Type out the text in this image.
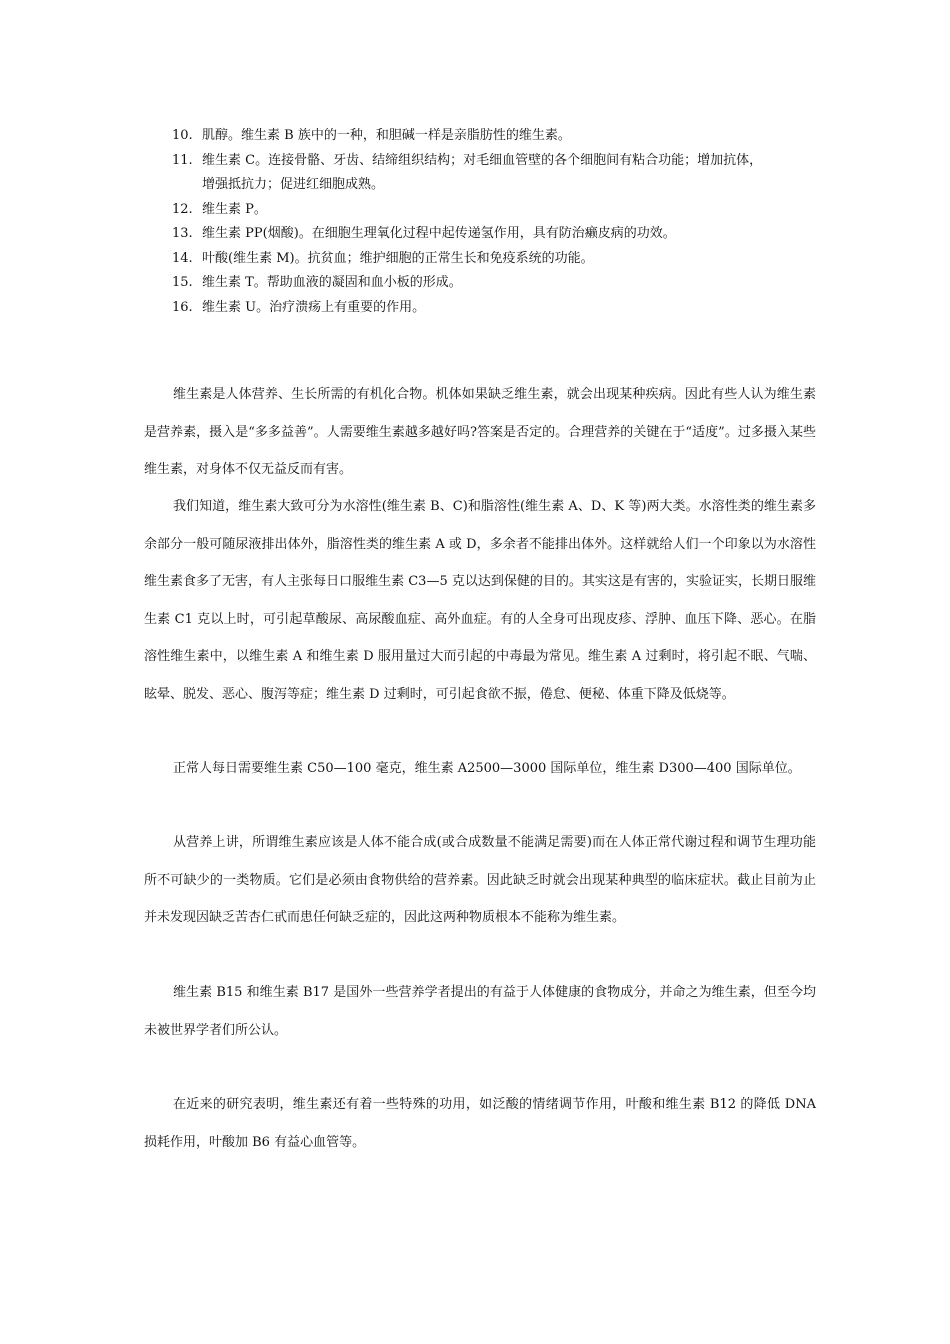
10. 肌醇。维生素 B 族中的一种，和胆碱一样是亲脂肪性的维生素。
11. 维生素 C。连接骨骼、牙齿、结缔组织结构；对毛细血管壁的各个细胞间有粘合功能；增加抗体，
增强抵抗力；促进红细胞成熟。
12. 维生素 P。
13. 维生素 PP(烟酸)。在细胞生理氧化过程中起传递氢作用，具有防治癞皮病的功效。
14. 叶酸(维生素 M)。抗贫血；维护细胞的正常生长和免疫系统的功能。
15. 维生素 T。帮助血液的凝固和血小板的形成。
16. 维生素 U。治疗溃疡上有重要的作用。

维生素是人体营养、生长所需的有机化合物。机体如果缺乏维生素，就会出现某种疾病。因此有些人认为维生素是营养素，摄入是“多多益善”。人需要维生素越多越好吗?答案是否定的。合理营养的关键在于“适度”。过多摄入某些维生素，对身体不仅无益反而有害。

我们知道，维生素大致可分为水溶性(维生素 B、C)和脂溶性(维生素 A、D、K 等)两大类。水溶性类的维生素多余部分一般可随尿液排出体外，脂溶性类的维生素 A 或 D，多余者不能排出体外。这样就给人们一个印象以为水溶性维生素食多了无害，有人主张每日口服维生素 C3—5 克以达到保健的目的。其实这是有害的，实验证实，长期日服维生素 C1 克以上时，可引起草酸尿、高尿酸血症、高外血症。有的人全身可出现皮疹、浮肿、血压下降、恶心。在脂溶性维生素中，以维生素 A 和维生素 D 服用量过大而引起的中毒最为常见。维生素 A 过剩时，将引起不眠、气喘、眩晕、脱发、恶心、腹泻等症；维生素 D 过剩时，可引起食欲不振，倦怠、便秘、体重下降及低烧等。

正常人每日需要维生素 C50—100 毫克，维生素 A2500—3000 国际单位，维生素 D300—400 国际单位。

从营养上讲，所谓维生素应该是人体不能合成(或合成数量不能满足需要)而在人体正常代谢过程和调节生理功能所不可缺少的一类物质。它们是必须由食物供给的营养素。因此缺乏时就会出现某种典型的临床症状。截止目前为止并未发现因缺乏苦杏仁甙而患任何缺乏症的，因此这两种物质根本不能称为维生素。

维生素 B15 和维生素 B17 是国外一些营养学者提出的有益于人体健康的食物成分，并命之为维生素，但至今均未被世界学者们所公认。

在近来的研究表明，维生素还有着一些特殊的功用，如泛酸的情绪调节作用，叶酸和维生素 B12 的降低 DNA 损耗作用，叶酸加 B6 有益心血管等。
